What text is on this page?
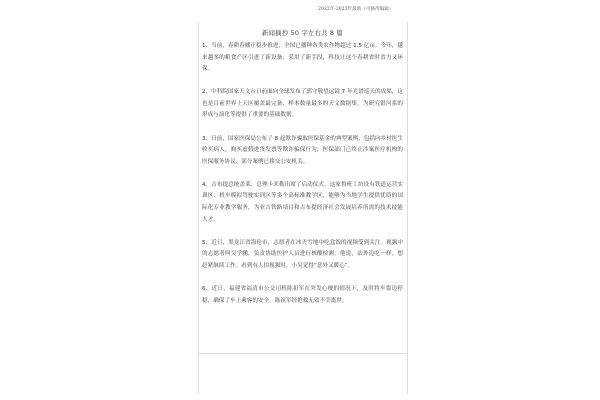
2022年-2023年最新（可修改编辑）
新闻摘抄 50 字左右共 8 篇
1、当前，春耕春播正稳步推进，全国已播种各类农作物超过 1.5 亿亩。今年，越来越多的粮食产区引进了新设备、采用了新手段，科技让这个春耕省时省力又环保。
2、中科院国家天文台日前面向全球发布了郭守敬望远镜 7 年光谱巡天的成果，这也是目前世界上天区覆盖最完备、样本数量最多的天文数据集，为研究银河系的形成与演化等提供了重要的基础数据。
3、日前，国家医保局公布了 8 起欺诈骗取医保基金的典型案例，包括向乡村医生收买病人，购买虚假进货发票等欺诈骗保行为，医保部门已终止涉案医疗机构的医保服务协议，部分案例已移交公安机关。
4、吉布提总统盖莱、总理卡米勒出席了启动仪式。这家鲁班工坊设有铁道运营实训区、机车模拟驾驶实训区等多个高标准教学区，能够为当地学生提供优质的国际化专业教学服务，为亚吉铁路项目和吉布提经济社会发展培养所需的技术技能人才。
5、近日，黑龙江省海伦市，志愿者在冰天雪地中吃盒饭的视频受到关注。视频中的志愿者叫吴学鹏，负责协助医护人员进行核酸检测。他说，站外边吃一样，想赶紧继续工作。看到有人拍视频时，小吴觉得“意外又暖心”。
6、近日，福建省福清市公交司机陈祖军在突发心梗的情况下，及时将车靠边停稳，确保了车上乘客的安全，陈祖军经抢救无效不幸离世。
